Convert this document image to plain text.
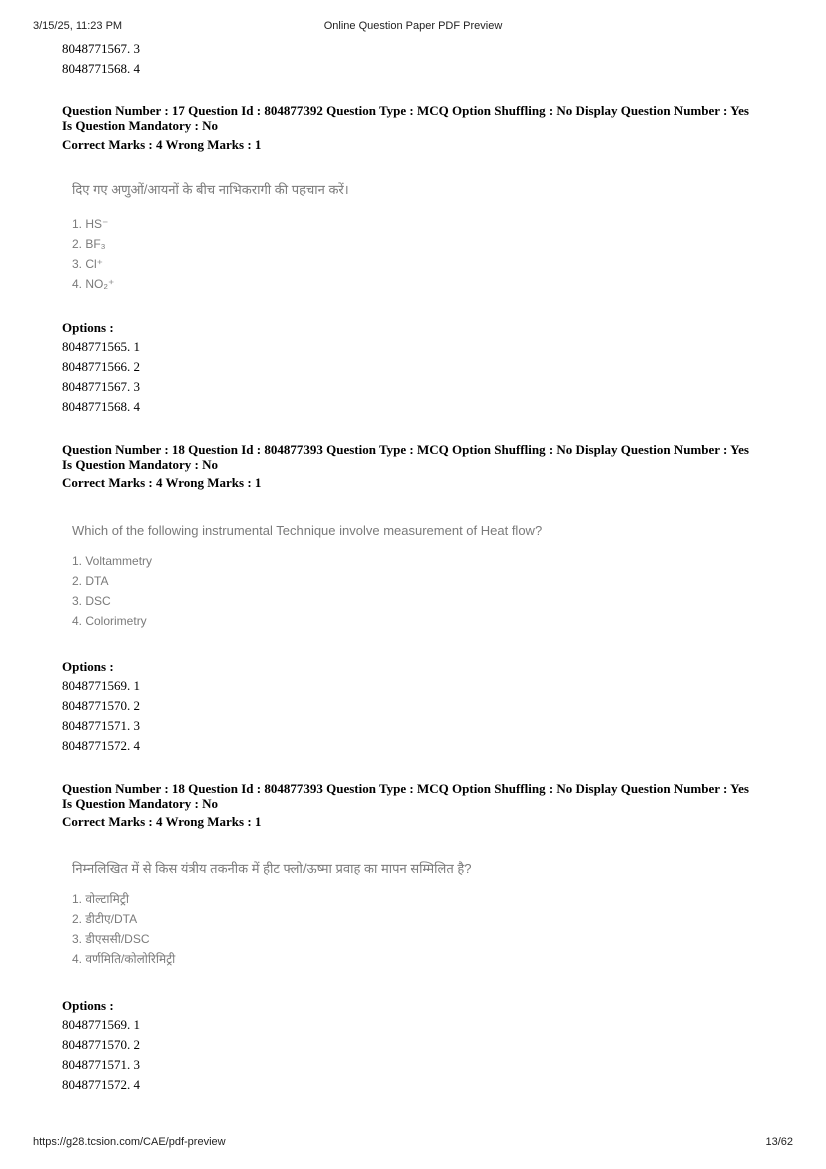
3/15/25, 11:23 PM	Online Question Paper PDF Preview
8048771567. 3
8048771568. 4
Question Number : 17 Question Id : 804877392 Question Type : MCQ Option Shuffling : No Display Question Number : Yes
Is Question Mandatory : No
Correct Marks : 4 Wrong Marks : 1
दिए गए अणुओं/आयनों के बीच नाभिकरागी की पहचान करें।
1. HS⁻
2. BF₃
3. Cl⁺
4. NO₂⁺
Options :
8048771565. 1
8048771566. 2
8048771567. 3
8048771568. 4
Question Number : 18 Question Id : 804877393 Question Type : MCQ Option Shuffling : No Display Question Number : Yes
Is Question Mandatory : No
Correct Marks : 4 Wrong Marks : 1
Which of the following instrumental Technique involve measurement of Heat flow?
1. Voltammetry
2. DTA
3. DSC
4. Colorimetry
Options :
8048771569. 1
8048771570. 2
8048771571. 3
8048771572. 4
Question Number : 18 Question Id : 804877393 Question Type : MCQ Option Shuffling : No Display Question Number : Yes
Is Question Mandatory : No
Correct Marks : 4 Wrong Marks : 1
निम्नलिखित में से किस यंत्रीय तकनीक में हीट फ्लो/ऊष्मा प्रवाह का मापन सम्मिलित है?
1. वोल्टामिट्री
2. डीटीए/DTA
3. डीएससी/DSC
4. वर्णमिति/कोलोरिमिट्री
Options :
8048771569. 1
8048771570. 2
8048771571. 3
8048771572. 4
https://g28.tcsion.com/CAE/pdf-preview	13/62
